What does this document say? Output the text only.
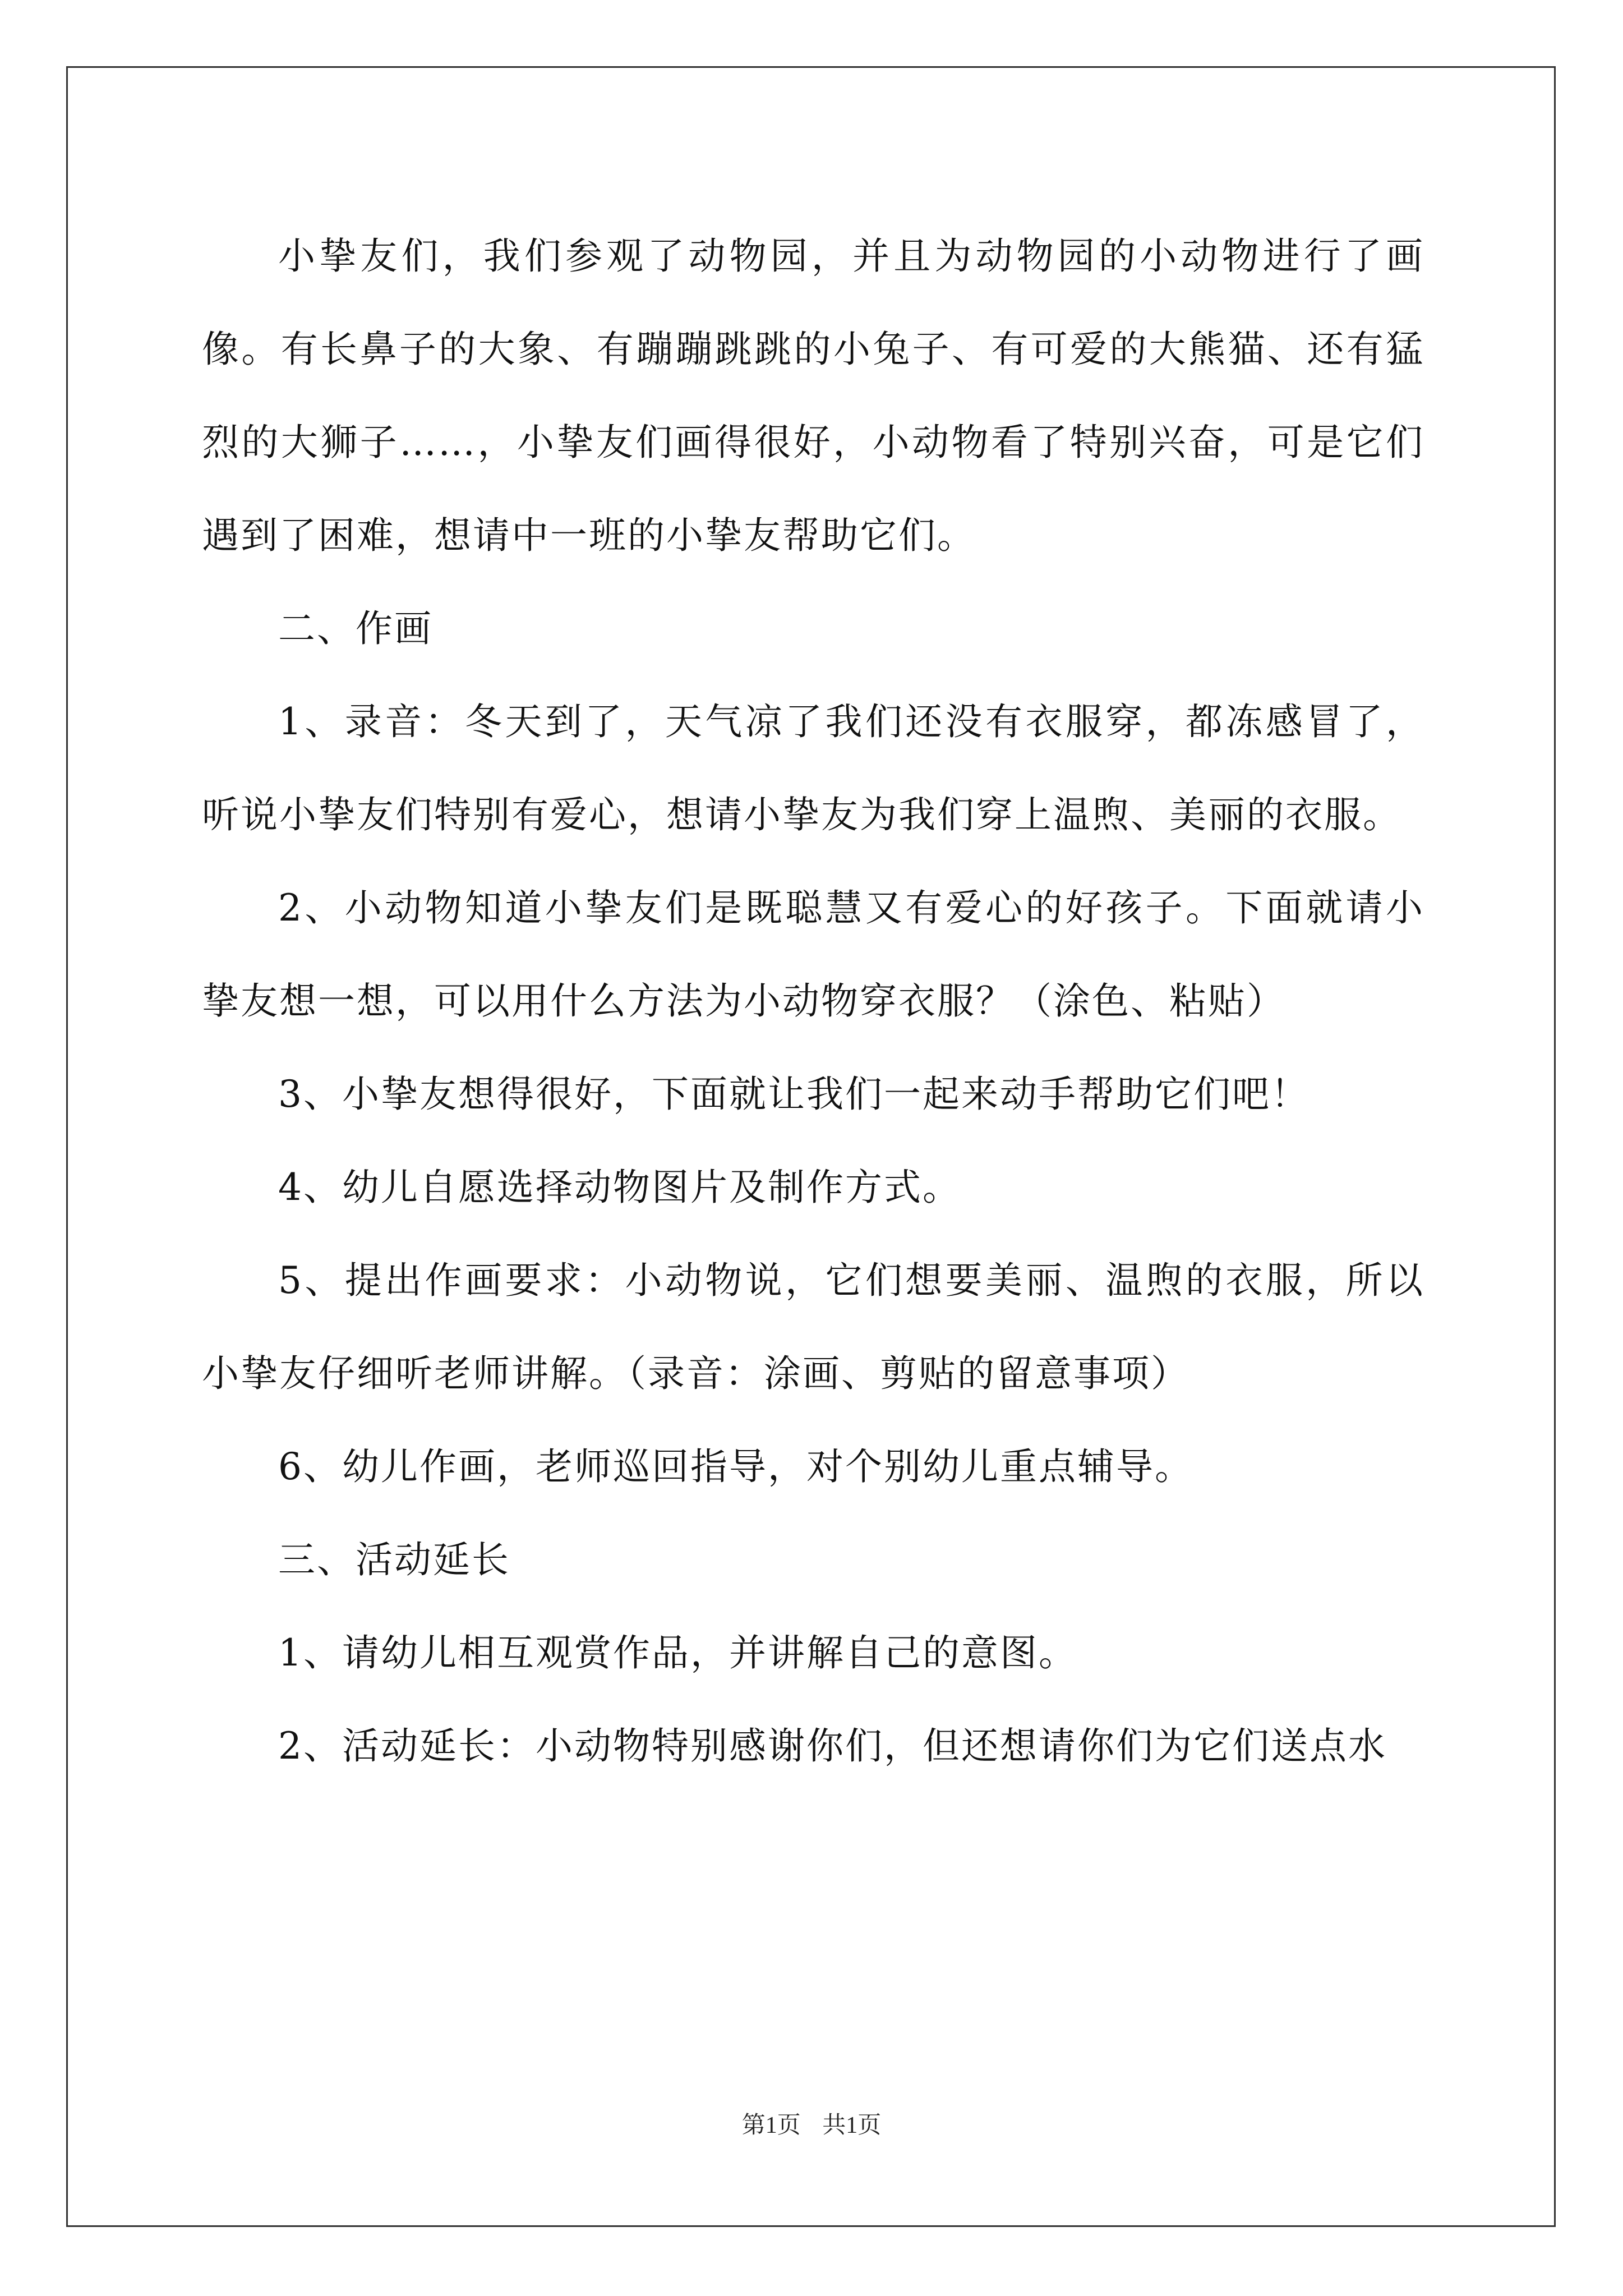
小挚友们，我们参观了动物园，并且为动物园的小动物进行了画像。有长鼻子的大象、有蹦蹦跳跳的小兔子、有可爱的大熊猫、还有猛烈的大狮子……，小挚友们画得很好，小动物看了特别兴奋，可是它们遇到了困难，想请中一班的小挚友帮助它们。

二、作画

1、录音：冬天到了，天气凉了我们还没有衣服穿，都冻感冒了，听说小挚友们特别有爱心，想请小挚友为我们穿上温煦、美丽的衣服。

2、小动物知道小挚友们是既聪慧又有爱心的好孩子。下面就请小挚友想一想，可以用什么方法为小动物穿衣服？（涂色、粘贴）

3、小挚友想得很好，下面就让我们一起来动手帮助它们吧！

4、幼儿自愿选择动物图片及制作方式。

5、提出作画要求：小动物说，它们想要美丽、温煦的衣服，所以小挚友仔细听老师讲解。（录音：涂画、剪贴的留意事项）

6、幼儿作画，老师巡回指导，对个别幼儿重点辅导。

三、活动延长

1、请幼儿相互观赏作品，并讲解自己的意图。

2、活动延长：小动物特别感谢你们，但还想请你们为它们送点水

第1页 共1页
